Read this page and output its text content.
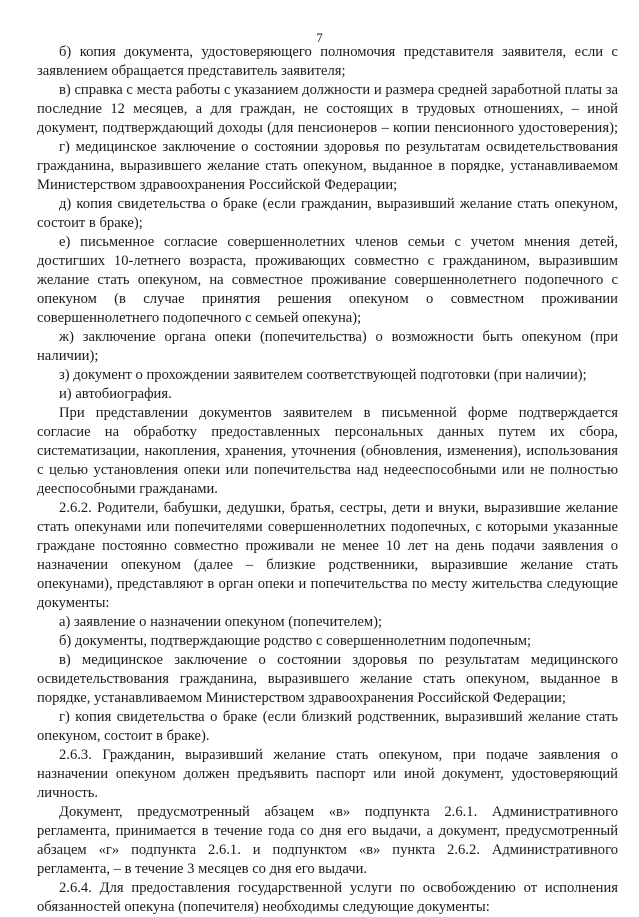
7
б) копия документа, удостоверяющего полномочия представителя заявителя, если с
заявлением обращается представитель заявителя;
в) справка с места работы с указанием должности и размера средней заработной платы за
последние 12 месяцев, а для граждан, не состоящих в трудовых отношениях, – иной
документ, подтверждающий доходы (для пенсионеров – копии пенсионного удостоверения);
г) медицинское заключение о состоянии здоровья по результатам освидетельствования
гражданина, выразившего желание стать опекуном, выданное в порядке, устанавливаемом
Министерством здравоохранения Российской Федерации;
д) копия свидетельства о браке (если гражданин, выразивший желание стать опекуном,
состоит в браке);
е) письменное согласие совершеннолетних членов семьи с учетом мнения детей,
достигших 10-летнего возраста, проживающих совместно с гражданином, выразившим
желание стать опекуном, на совместное проживание совершеннолетнего подопечного с
опекуном (в случае принятия решения опекуном о совместном проживании
совершеннолетнего подопечного с семьей опекуна);
ж) заключение органа опеки (попечительства) о возможности быть опекуном (при
наличии);
з) документ о прохождении заявителем соответствующей подготовки (при наличии);
и) автобиография.
При представлении документов заявителем в письменной форме подтверждается
согласие на обработку предоставленных персональных данных путем их сбора,
систематизации, накопления, хранения, уточнения (обновления, изменения), использования
с целью установления опеки или попечительства над недееспособными или не полностью
дееспособными гражданами.
2.6.2. Родители, бабушки, дедушки, братья, сестры, дети и внуки, выразившие желание
стать опекунами или попечителями совершеннолетних подопечных, с которыми указанные
граждане постоянно совместно проживали не менее 10 лет на день подачи заявления о
назначении опекуном (далее – близкие родственники, выразившие желание стать
опекунами), представляют в орган опеки и попечительства по месту жительства следующие
документы:
а) заявление о назначении опекуном (попечителем);
б) документы, подтверждающие родство с совершеннолетним подопечным;
в) медицинское заключение о состоянии здоровья по результатам медицинского
освидетельствования гражданина, выразившего желание стать опекуном, выданное в
порядке, устанавливаемом Министерством здравоохранения Российской Федерации;
г) копия свидетельства о браке (если близкий родственник, выразивший желание стать
опекуном, состоит в браке).
2.6.3. Гражданин, выразивший желание стать опекуном, при подаче заявления о
назначении опекуном должен предъявить паспорт или иной документ, удостоверяющий
личность.
Документ, предусмотренный абзацем «в» подпункта 2.6.1. Административного
регламента, принимается в течение года со дня его выдачи, а документ, предусмотренный
абзацем «г» подпункта 2.6.1. и подпунктом «в» пункта 2.6.2. Административного
регламента, – в течение 3 месяцев со дня его выдачи.
2.6.4. Для предоставления государственной услуги по освобождению от исполнения
обязанностей опекуна (попечителя) необходимы следующие документы:
